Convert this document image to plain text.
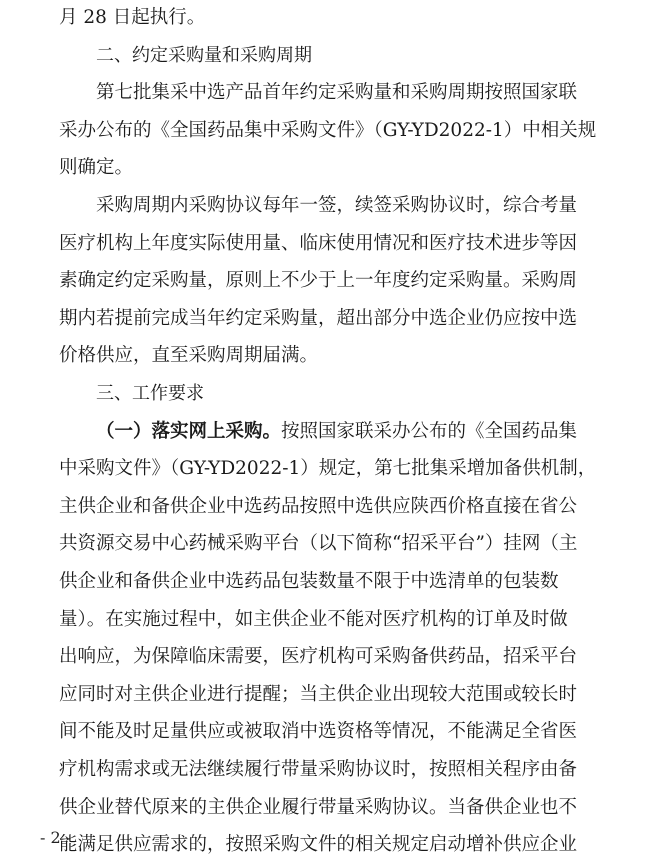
月 28 日起执行。
二、约定采购量和采购周期
第七批集采中选产品首年约定采购量和采购周期按照国家联
采办公布的《全国药品集中采购文件》（GY-YD2022-1）中相关规
则确定。
采购周期内采购协议每年一签，续签采购协议时，综合考量
医疗机构上年度实际使用量、临床使用情况和医疗技术进步等因
素确定约定采购量，原则上不少于上一年度约定采购量。采购周
期内若提前完成当年约定采购量，超出部分中选企业仍应按中选
价格供应，直至采购周期届满。
三、工作要求
（一）落实网上采购。按照国家联采办公布的《全国药品集
中采购文件》（GY-YD2022-1）规定，第七批集采增加备供机制，
主供企业和备供企业中选药品按照中选供应陕西价格直接在省公
共资源交易中心药械采购平台（以下简称“招采平台”）挂网（主
供企业和备供企业中选药品包装数量不限于中选清单的包装数
量）。在实施过程中，如主供企业不能对医疗机构的订单及时做
出响应，为保障临床需要，医疗机构可采购备供药品，招采平台
应同时对主供企业进行提醒；当主供企业出现较大范围或较长时
间不能及时足量供应或被取消中选资格等情况，不能满足全省医
疗机构需求或无法继续履行带量采购协议时，按照相关程序由备
供企业替代原来的主供企业履行带量采购协议。当备供企业也不
能满足供应需求的，按照采购文件的相关规定启动增补供应企业
- 2 -
